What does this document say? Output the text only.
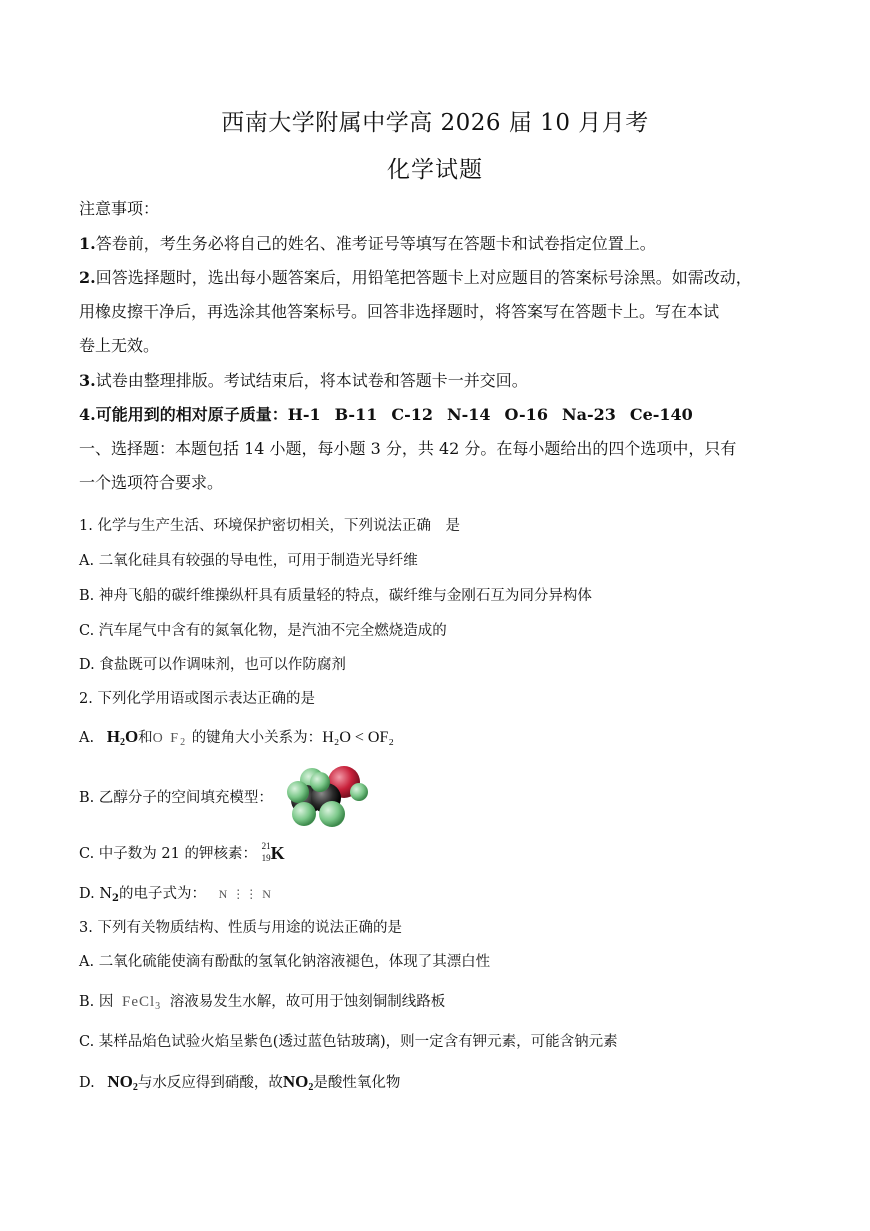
西南大学附属中学高 2026 届 10 月月考
化学试题
注意事项：
1.答卷前，考生务必将自己的姓名、准考证号等填写在答题卡和试卷指定位置上。
2.回答选择题时，选出每小题答案后，用铅笔把答题卡上对应题目的答案标号涂黑。如需改动，
用橡皮擦干净后，再选涂其他答案标号。回答非选择题时，将答案写在答题卡上。写在本试
卷上无效。
3.试卷由整理排版。考试结束后，将本试卷和答题卡一并交回。
4.可能用到的相对原子质量：H-1 B-11 C-12 N-14 O-16 Na-23 Ce-140
一、选择题：本题包括 14 小题，每小题 3 分，共 42 分。在每小题给出的四个选项中，只有
一个选项符合要求。
1. 化学与生产生活、环境保护密切相关，下列说法正确　是
A. 二氧化硅具有较强的导电性，可用于制造光导纤维
B. 神舟飞船的碳纤维操纵杆具有质量轻的特点，碳纤维与金刚石互为同分异构体
C. 汽车尾气中含有的氮氧化物，是汽油不完全燃烧造成的
D. 食盐既可以作调味剂，也可以作防腐剂
2. 下列化学用语或图示表达正确的是
A. $H_2O$和O $F_2$ 的键角大小关系为：H₂O < OF₂
B. 乙醇分子的空间填充模型：
C. 中子数为 21 的钾核素： 21
19 K
D. $N_2$的电子式为： N ⋮⋮ N
3. 下列有关物质结构、性质与用途的说法正确的是
A. 二氧化硫能使滴有酚酞的氢氧化钠溶液褪色，体现了其漂白性
B. 因 FeCl$_3$ 溶液易发生水解，故可用于蚀刻铜制线路板
C. 某样品焰色试验火焰呈紫色(透过蓝色钴玻璃)，则一定含有钾元素，可能含钠元素
D. $NO_2$与水反应得到硝酸，故$NO_2$是酸性氧化物
